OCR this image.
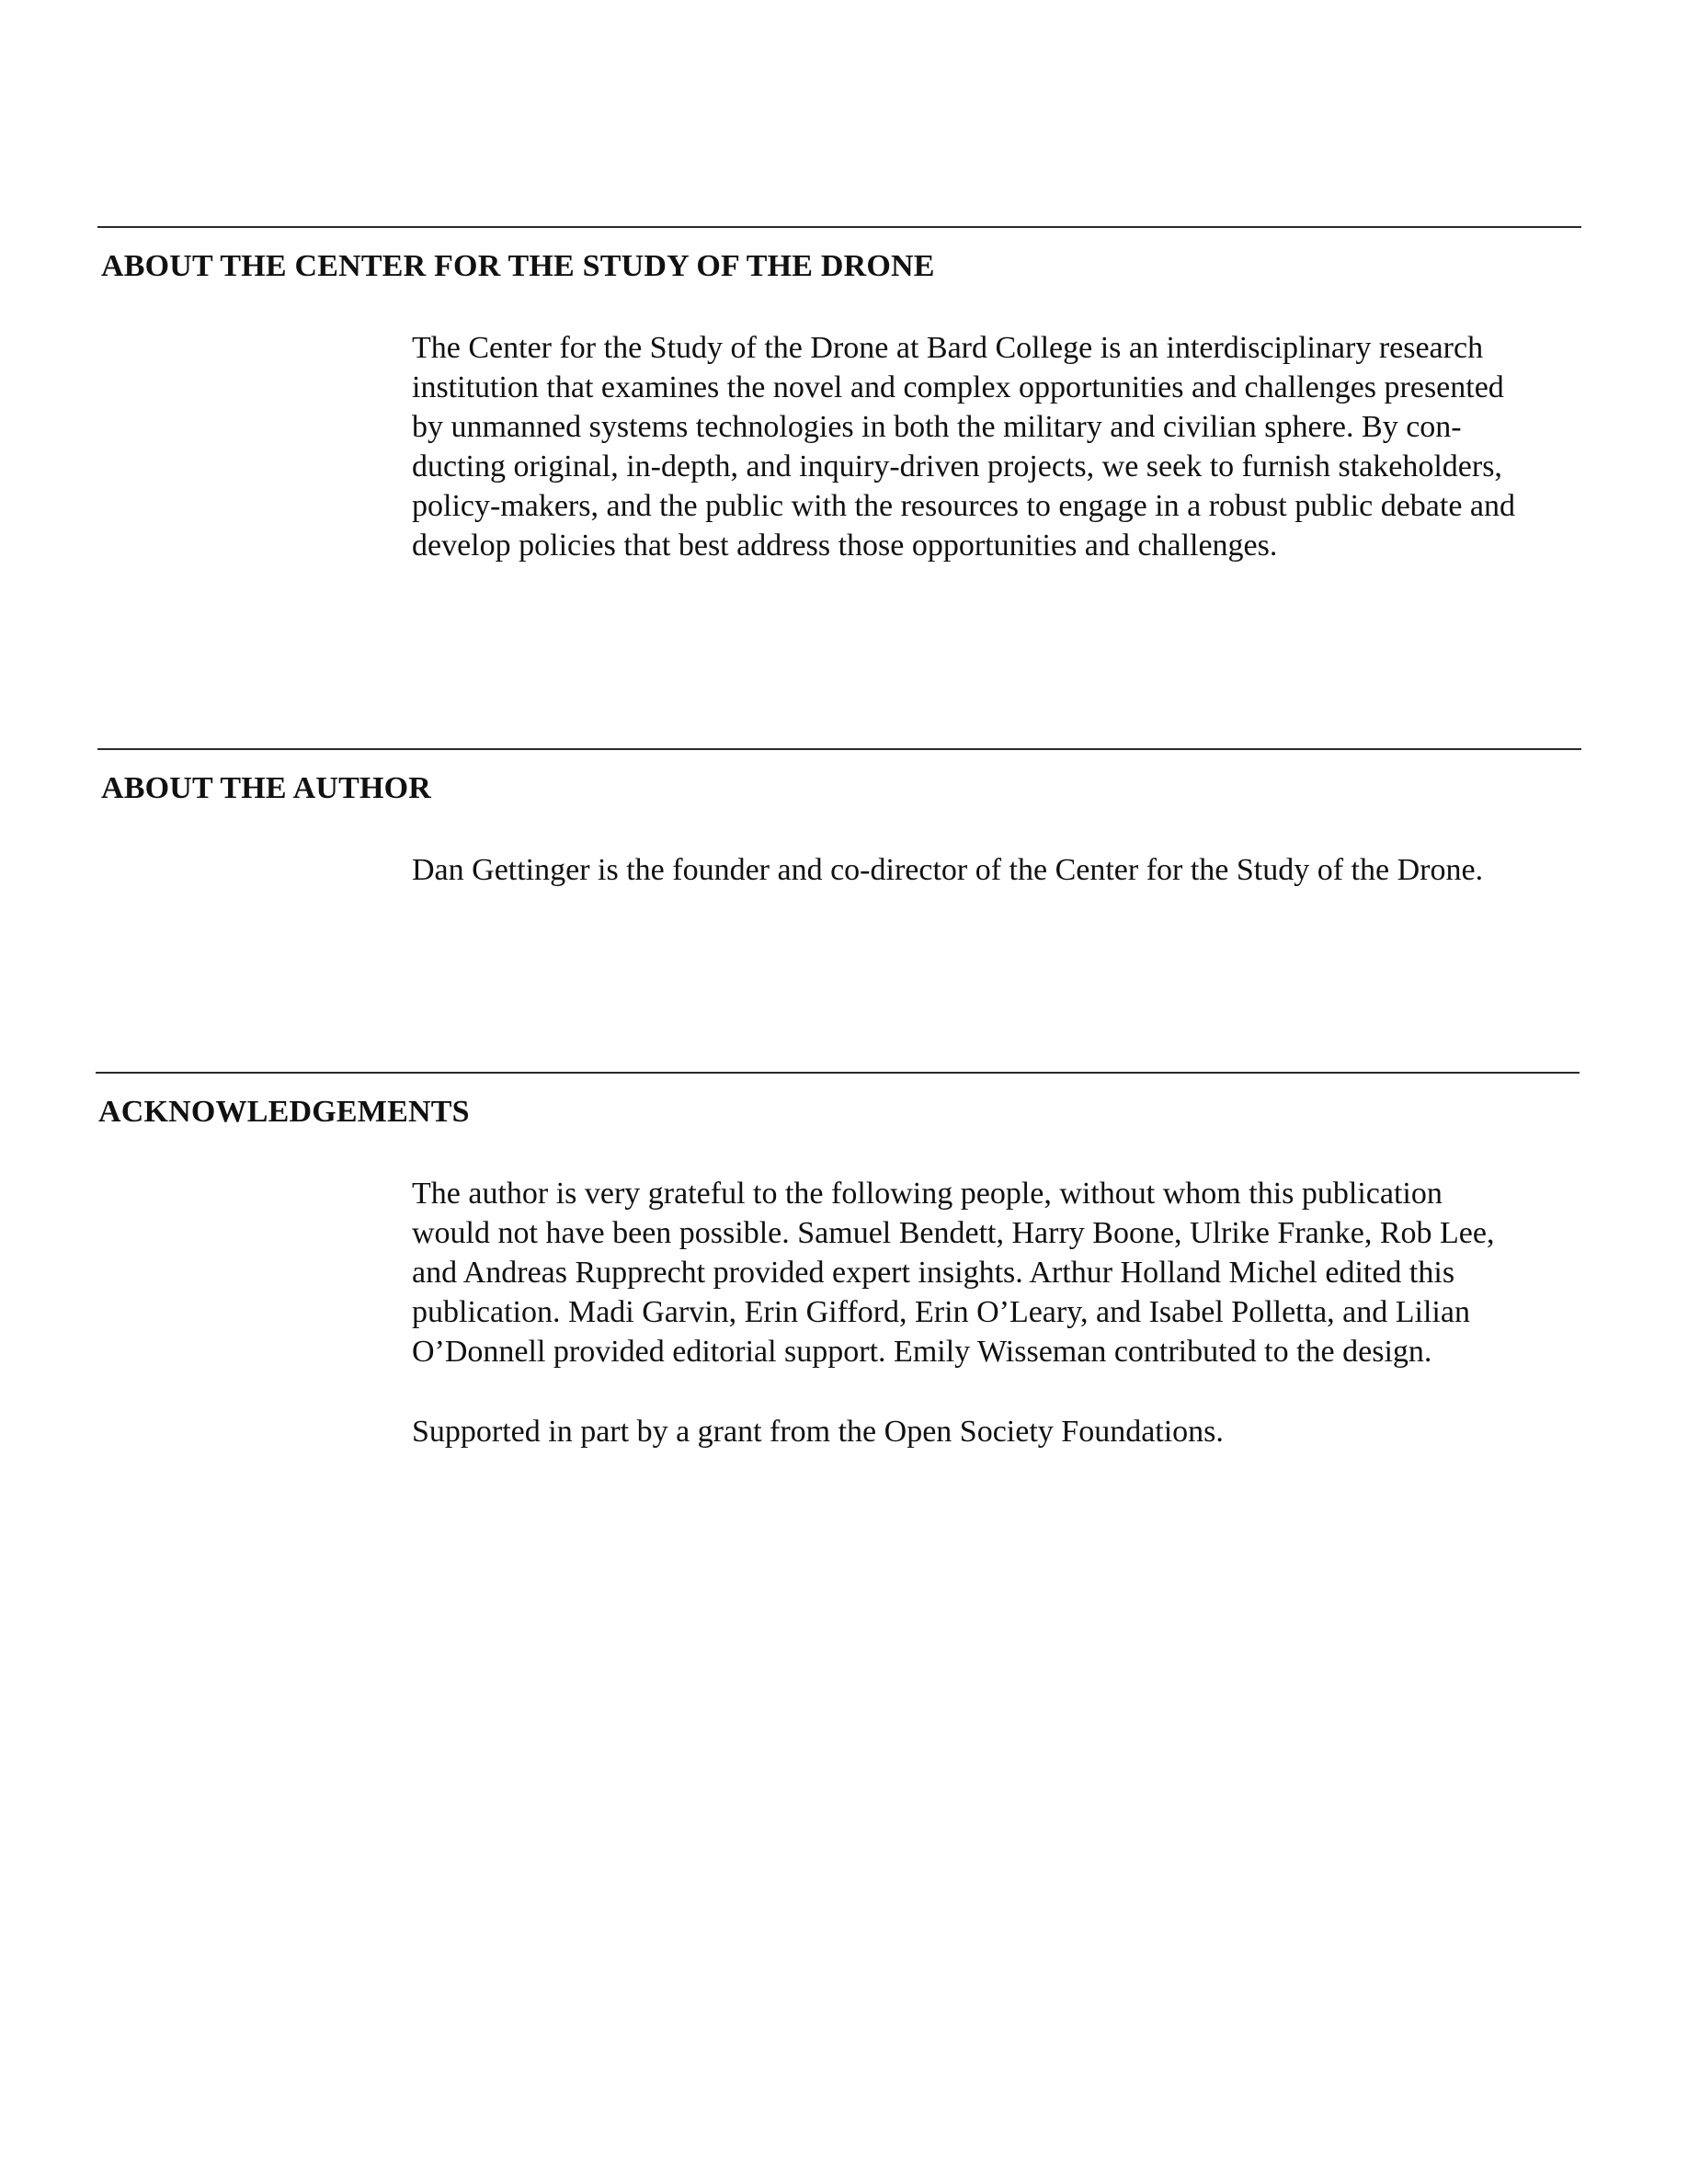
ABOUT THE CENTER FOR THE STUDY OF THE DRONE

The Center for the Study of the Drone at Bard College is an interdisciplinary research
institution that examines the novel and complex opportunities and challenges presented
by unmanned systems technologies in both the military and civilian sphere. By con-
ducting original, in-depth, and inquiry-driven projects, we seek to furnish stakeholders,
policy-makers, and the public with the resources to engage in a robust public debate and
develop policies that best address those opportunities and challenges.

ABOUT THE AUTHOR

Dan Gettinger is the founder and co-director of the Center for the Study of the Drone.

ACKNOWLEDGEMENTS

The author is very grateful to the following people, without whom this publication
would not have been possible. Samuel Bendett, Harry Boone, Ulrike Franke, Rob Lee,
and Andreas Rupprecht provided expert insights. Arthur Holland Michel edited this
publication. Madi Garvin, Erin Gifford, Erin O’Leary, and Isabel Polletta, and Lilian
O’Donnell provided editorial support. Emily Wisseman contributed to the design.

Supported in part by a grant from the Open Society Foundations.
